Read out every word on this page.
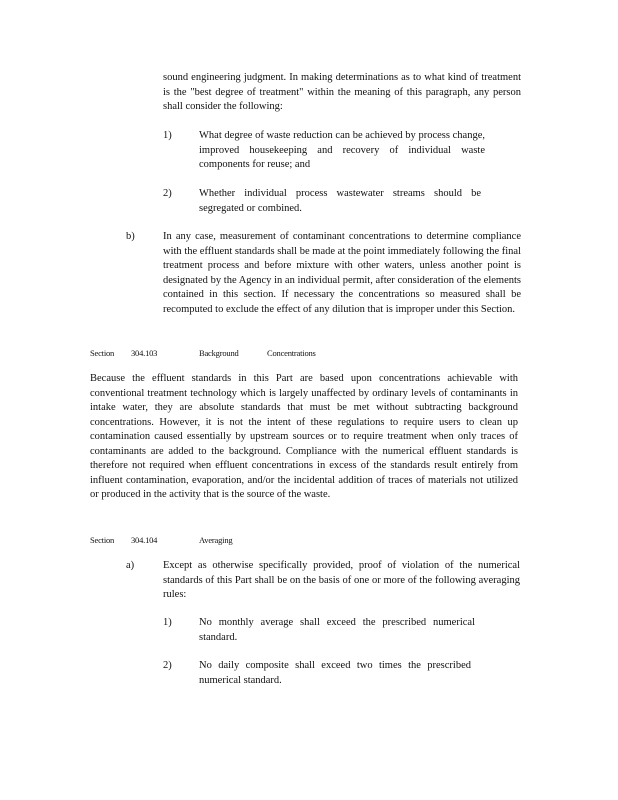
sound engineering judgment. In making determinations as to what kind of treatment is the "best degree of treatment" within the meaning of this paragraph, any person shall consider the following:
1)	What degree of waste reduction can be achieved by process change, improved housekeeping and recovery of individual waste components for reuse; and
2)	Whether individual process wastewater streams should be segregated or combined.
b)	In any case, measurement of contaminant concentrations to determine compliance with the effluent standards shall be made at the point immediately following the final treatment process and before mixture with other waters, unless another point is designated by the Agency in an individual permit, after consideration of the elements contained in this section. If necessary the concentrations so measured shall be recomputed to exclude the effect of any dilution that is improper under this Section.
Section 304.103	Background	Concentrations
Because the effluent standards in this Part are based upon concentrations achievable with conventional treatment technology which is largely unaffected by ordinary levels of contaminants in intake water, they are absolute standards that must be met without subtracting background concentrations. However, it is not the intent of these regulations to require users to clean up contamination caused essentially by upstream sources or to require treatment when only traces of contaminants are added to the background. Compliance with the numerical effluent standards is therefore not required when effluent concentrations in excess of the standards result entirely from influent contamination, evaporation, and/or the incidental addition of traces of materials not utilized or produced in the activity that is the source of the waste.
Section 304.104	Averaging
a)	Except as otherwise specifically provided, proof of violation of the numerical standards of this Part shall be on the basis of one or more of the following averaging rules:
1)	No monthly average shall exceed the prescribed numerical standard.
2)	No daily composite shall exceed two times the prescribed numerical standard.
